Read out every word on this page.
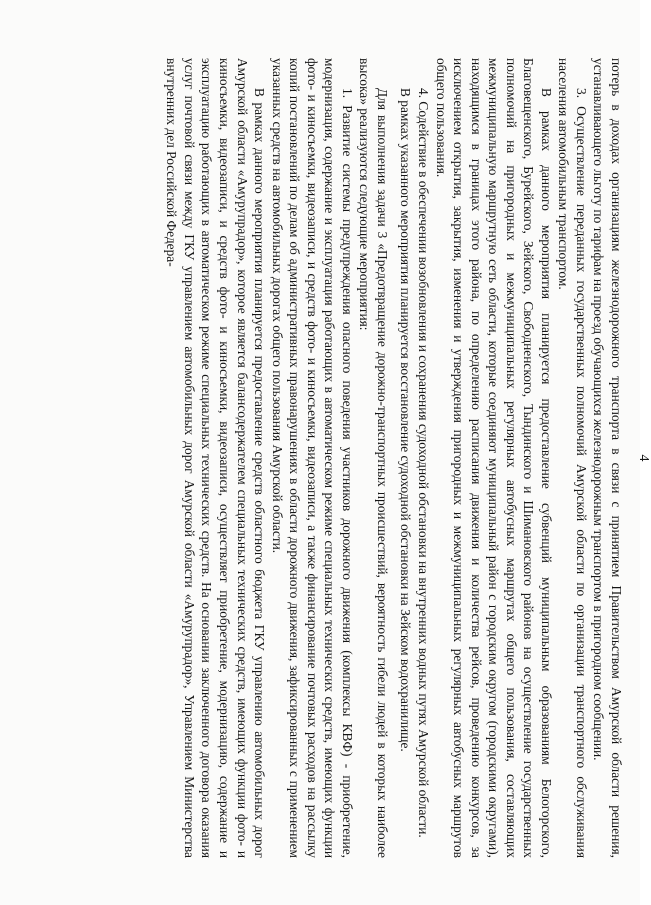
4

потерь в доходах организациям железнодорожного транспорта в связи с принятием Правительством Амурской области решения, устанавливающего льготу по тарифам на проезд обучающихся железнодорожным транспортом в пригородном сообщении.

3. Осуществление переданных государственных полномочий Амурской области по организации транспортного обслуживания населения автомобильным транспортом.

В рамках данного мероприятия планируется предоставление субвенций муниципальным образованиям Белогорского, Благовещенского, Бурейского, Зейского, Свободненского, Тындинского и Шимановского районов на осуществление государственных полномочий на пригородных и межмуниципальных регулярных автобусных маршрутах общего пользования, составляющих межмуниципальную маршрутную сеть области, которые соединяют муниципальный район с городским округом (городскими округами), находящимся в границах этого района, по определению расписания движения и количества рейсов, проведению конкурсов, за исключением открытия, закрытия, изменения и утверждения пригородных и межмуниципальных регулярных автобусных маршрутов общего пользования.

4. Содействие в обеспечении возобновления и сохранения судоходной обстановки на внутренних водных путях Амурской области.

В рамках указанного мероприятия планируется восстановление судоходной обстановки на Зейском водохранилище.

Для выполнения задачи 3 «Предотвращение дорожно-транспортных происшествий, вероятность гибели людей в которых наиболее высока» реализуются следующие мероприятия:

1. Развитие системы предупреждения опасного поведения участников дорожного движения (комплексы КВФ) - приобретение, модернизация, содержание и эксплуатация работающих в автоматическом режиме специальных технических средств, имеющих функции фото- и киносъемки, видеозаписи, и средств фото- и киносъемки, видеозаписи, а также финансирование почтовых расходов на рассылку копий постановлений по делам об административных правонарушениях в области дорожного движения, зафиксированных с применением указанных средств на автомобильных дорогах общего пользования Амурской области.

В рамках данного мероприятия планируется предоставление средств областного бюджета ГКУ управлению автомобильных дорог Амурской области «Амурупрадор», которое является балансодержателем специальных технических средств, имеющих функции фото- и киносъемки, видеозаписи, и средств фото- и киносъемки, видеозаписи, осуществляет приобретение, модернизацию, содержание и эксплуатацию работающих в автоматическом режиме специальных технических средств. На основании заключенного договора оказания услуг почтовой связи между ГКУ управлением автомобильных дорог Амурской области «Амурупрадор», Управлением Министерства внутренних дел Российской Федера-
